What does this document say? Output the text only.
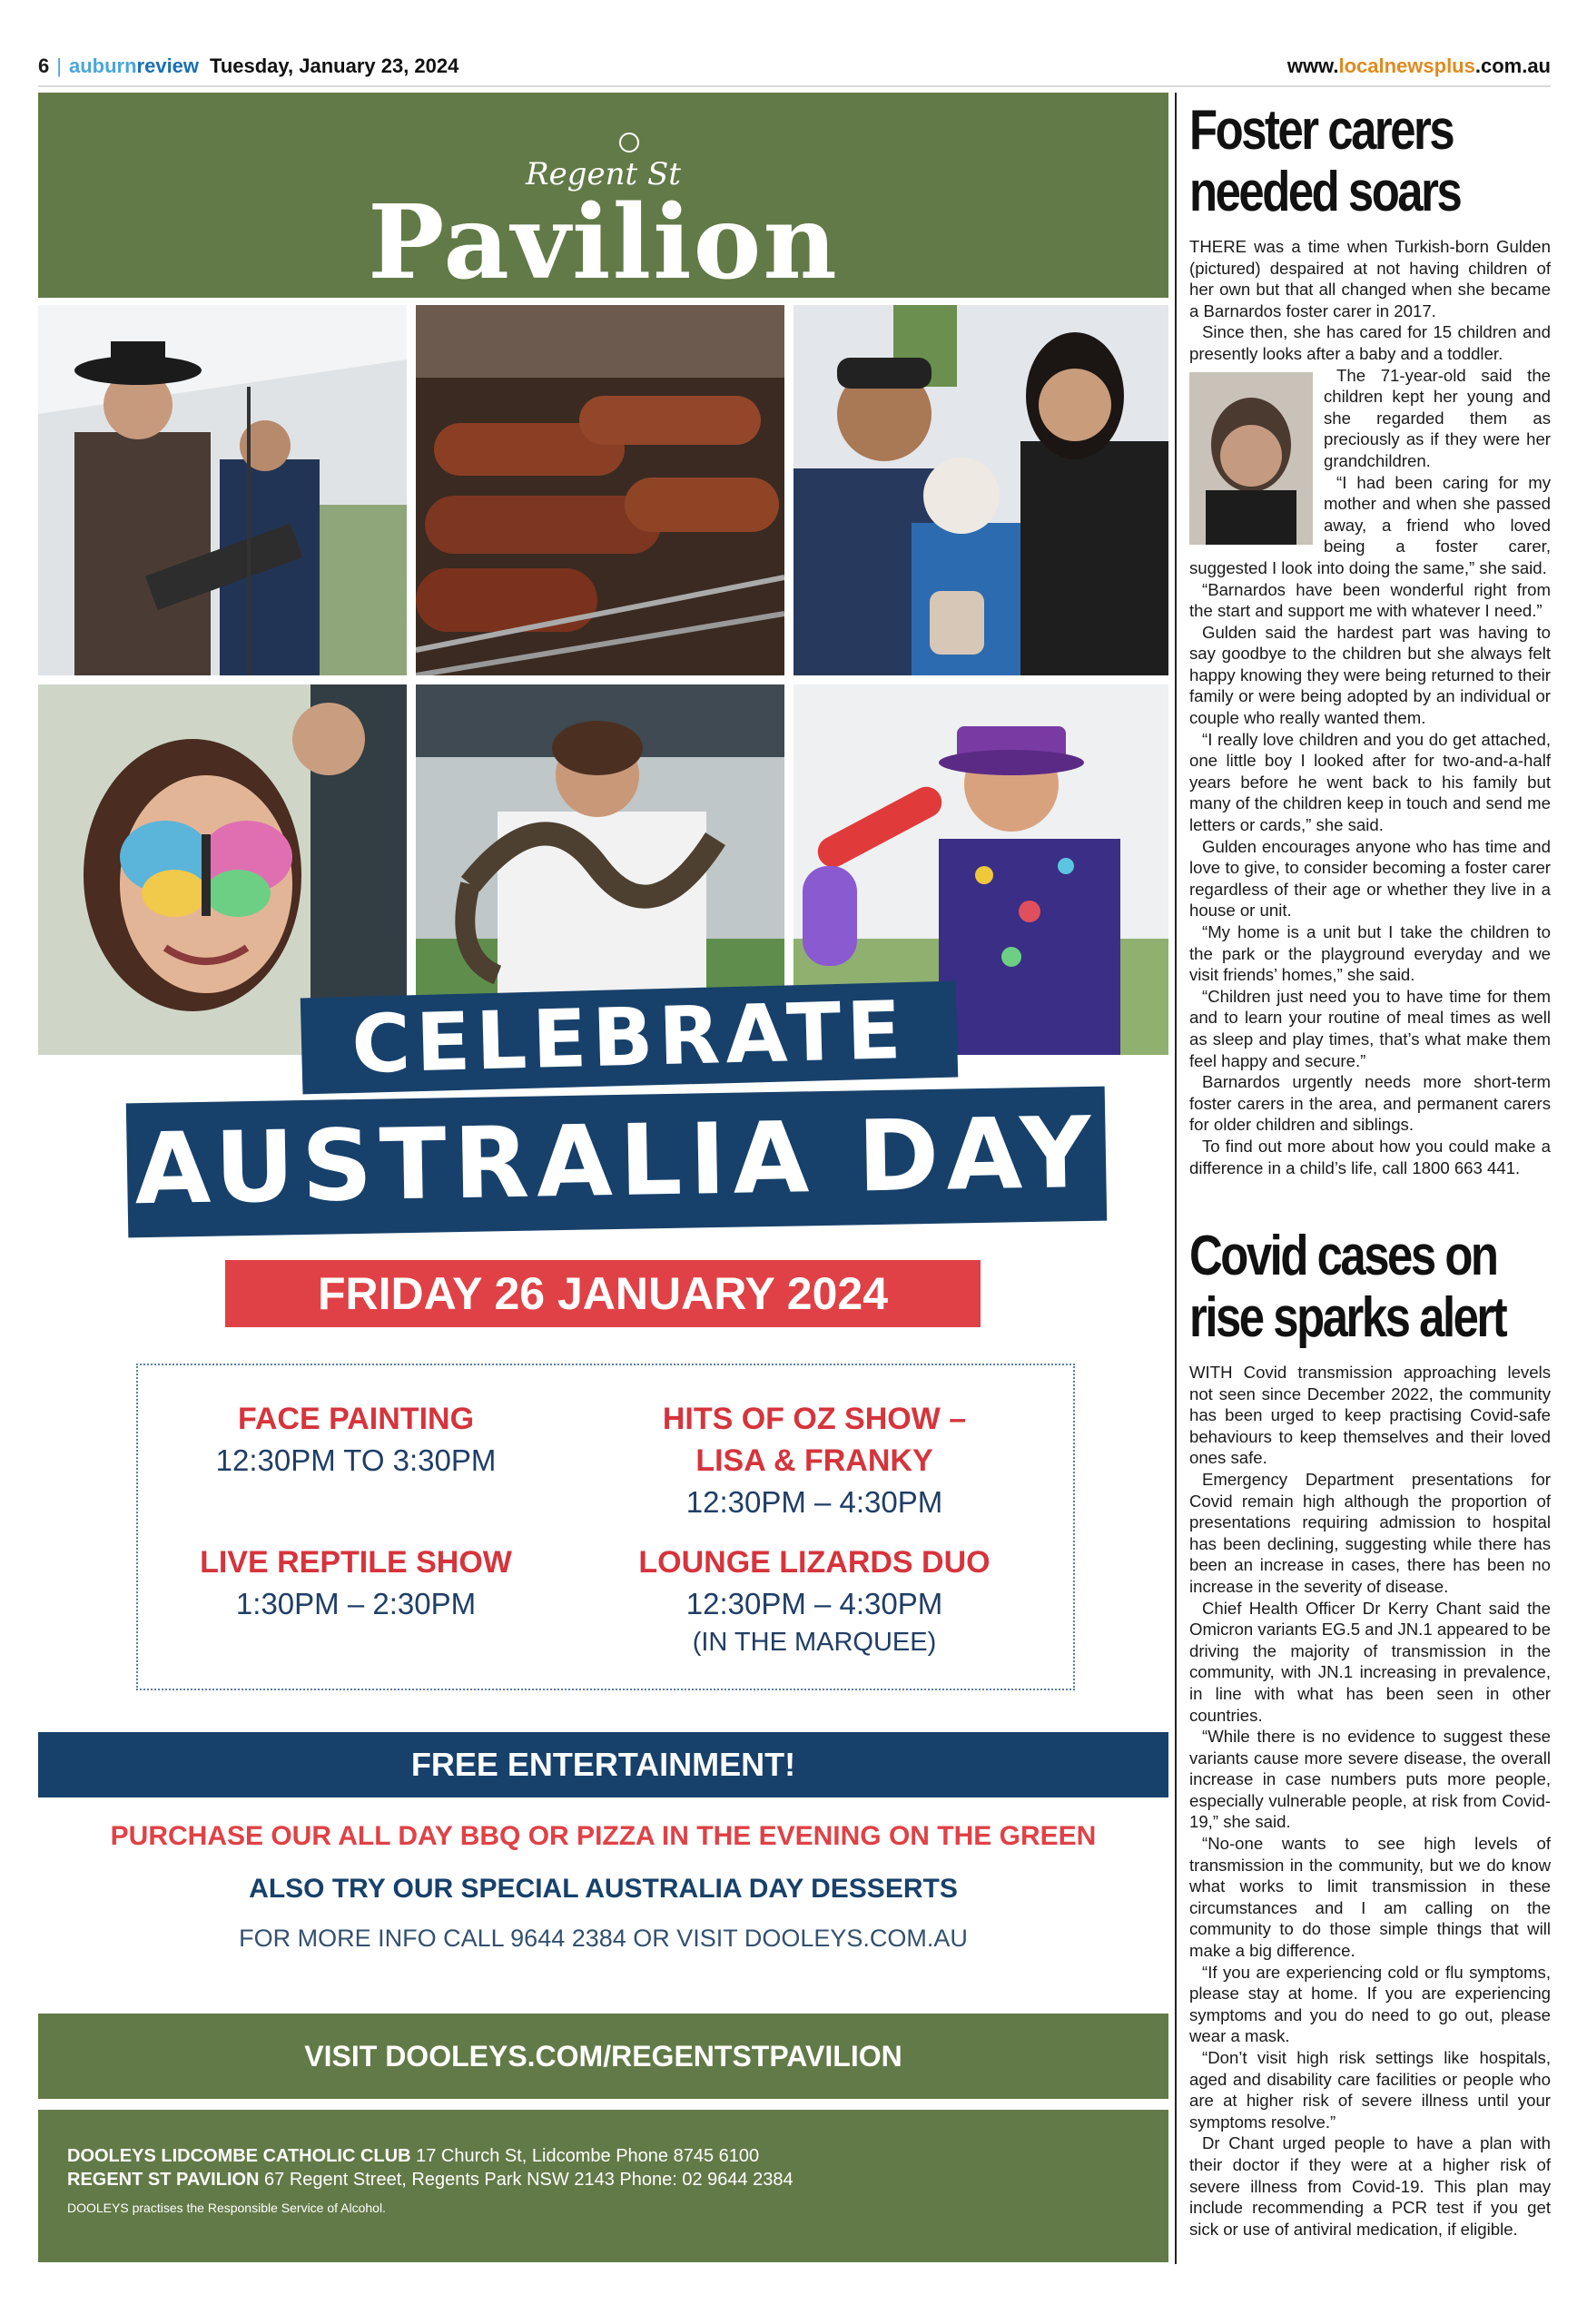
6 | auburnreview Tuesday, January 23, 2024	www.localnewsplus.com.au
Regent St
Pavilion
CELEBRATE
AUSTRALIA DAY
FRIDAY 26 JANUARY 2024
FACE PAINTING
12:30PM TO 3:30PM
HITS OF OZ SHOW –
LISA & FRANKY
12:30PM – 4:30PM
LIVE REPTILE SHOW
1:30PM – 2:30PM
LOUNGE LIZARDS DUO
12:30PM – 4:30PM
(IN THE MARQUEE)
FREE ENTERTAINMENT!
PURCHASE OUR ALL DAY BBQ OR PIZZA IN THE EVENING ON THE GREEN
ALSO TRY OUR SPECIAL AUSTRALIA DAY DESSERTS
FOR MORE INFO CALL 9644 2384 OR VISIT DOOLEYS.COM.AU
VISIT DOOLEYS.COM/REGENTSTPAVILION
DOOLEYS LIDCOMBE CATHOLIC CLUB 17 Church St, Lidcombe Phone 8745 6100
REGENT ST PAVILION 67 Regent Street, Regents Park NSW 2143 Phone: 02 9644 2384
DOOLEYS practises the Responsible Service of Alcohol.
Foster carers needed soars

THERE was a time when Turkish-born Gulden (pictured) despaired at not having children of her own but that all changed when she became a Barnardos foster carer in 2017.

Since then, she has cared for 15 children and presently looks after a baby and a toddler.

The 71-year-old said the children kept her young and she regarded them as preciously as if they were her grandchildren.

“I had been caring for my mother and when she passed away, a friend who loved being a foster carer, suggested I look into doing the same,” she said.

“Barnardos have been wonderful right from the start and support me with whatever I need.”

Gulden said the hardest part was having to say goodbye to the children but she always felt happy knowing they were being returned to their family or were being adopted by an individual or couple who really wanted them.

“I really love children and you do get attached, one little boy I looked after for two-and-a-half years before he went back to his family but many of the children keep in touch and send me letters or cards,” she said.

Gulden encourages anyone who has time and love to give, to consider becoming a foster carer regardless of their age or whether they live in a house or unit.

“My home is a unit but I take the children to the park or the playground everyday and we visit friends’ homes,” she said.

“Children just need you to have time for them and to learn your routine of meal times as well as sleep and play times, that’s what make them feel happy and secure.”

Barnardos urgently needs more short-term foster carers in the area, and permanent carers for older children and siblings.

To find out more about how you could make a difference in a child’s life, call 1800 663 441.

Covid cases on rise sparks alert

WITH Covid transmission approaching levels not seen since December 2022, the community has been urged to keep practising Covid-safe behaviours to keep themselves and their loved ones safe.

Emergency Department presentations for Covid remain high although the proportion of presentations requiring admission to hospital has been declining, suggesting while there has been an increase in cases, there has been no increase in the severity of disease.

Chief Health Officer Dr Kerry Chant said the Omicron variants EG.5 and JN.1 appeared to be driving the majority of transmission in the community, with JN.1 increasing in prevalence, in line with what has been seen in other countries.

“While there is no evidence to suggest these variants cause more severe disease, the overall increase in case numbers puts more people, especially vulnerable people, at risk from Covid-19,” she said.

“No-one wants to see high levels of transmission in the community, but we do know what works to limit transmission in these circumstances and I am calling on the community to do those simple things that will make a big difference.

“If you are experiencing cold or flu symptoms, please stay at home. If you are experiencing symptoms and you do need to go out, please wear a mask.

“Don’t visit high risk settings like hospitals, aged and disability care facilities or people who are at higher risk of severe illness until your symptoms resolve.”

Dr Chant urged people to have a plan with their doctor if they were at a higher risk of severe illness from Covid-19. This plan may include recommending a PCR test if you get sick or use of antiviral medication, if eligible.
